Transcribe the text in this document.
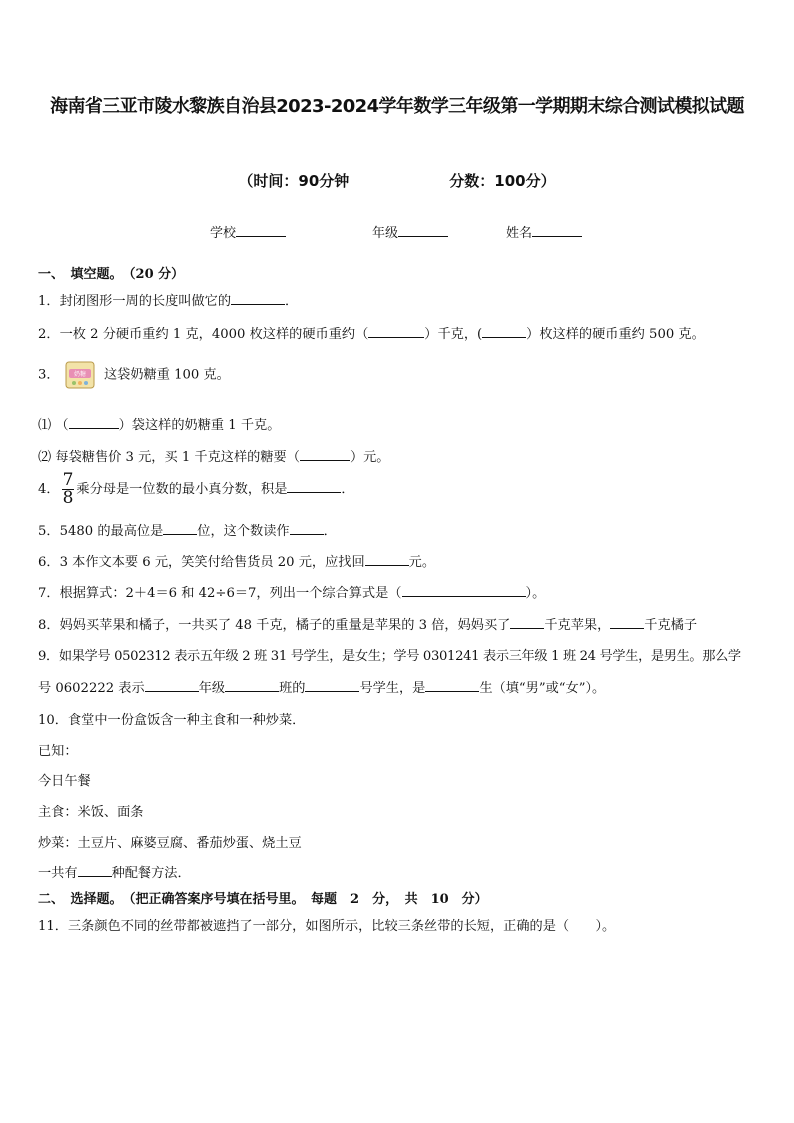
海南省三亚市陵水黎族自治县2023-2024学年数学三年级第一学期期末综合测试模拟试题
（时间：90分钟	分数：100分）
学校	年级	姓名
一、　填空题。　 （20 分）
1．封闭图形一周的长度叫做它的	．
2．一枚 2 分硬币重约 1 克，4000 枚这样的硬币重约（	）千克，(	）枚这样的硬币重约 500 克。
3． 奶糖 这袋奶糖重 100 克。
⑴ （	）袋这样的奶糖重 1 千克。
⑵ 每袋糖售价 3 元，买 1 千克这样的糖要（	）元。
4． $\frac{7}{8}$ 乘分母是一位数的最小真分数，积是	．
5．5480 的最高位是	位，这个数读作	．
6．3 本作文本要 6 元，笑笑付给售货员 20 元，应找回	元。
7．根据算式：2＋4＝6 和 42÷6＝7，列出一个综合算式是（	）。
8．妈妈买苹果和橘子，一共买了 48 千克，橘子的重量是苹果的 3 倍，妈妈买了	千克苹果，	千克橘子
9．如果学号 0502312 表示五年级 2 班 31 号学生，是女生；学号 0301241 表示三年级 1 班 24 号学生，是男生。那么学
号 0602222 表示	年级	班的	号学生，是	生（填“男”或“女”）。
10．食堂中一份盒饭含一种主食和一种炒菜．
已知：
今日午餐
主食：米饭、面条
炒菜：土豆片、麻婆豆腐、番茄炒蛋、烧土豆
一共有	种配餐方法．
二、　选择题。　 （把正确答案序号填在括号里。　每题　2　分，　共　10　分）
11．三条颜色不同的丝带都被遮挡了一部分，如图所示，比较三条丝带的长短，正确的是（　　）。
